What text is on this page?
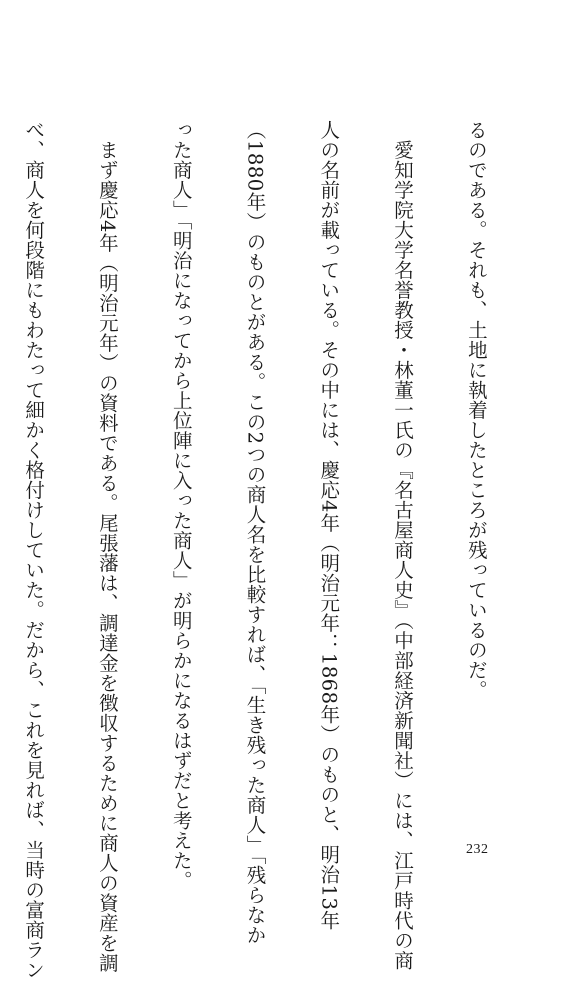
るのである。それも、土地に執着したところが残っているのだ。

　愛知学院大学名誉教授・林董一氏の『名古屋商人史』（中部経済新聞社）には、江戸時代の商

人の名前が載っている。その中には、慶応4年（明治元年：1868年）のものと、明治13年

（1880年）のものとがある。この2つの商人名を比較すれば、「生き残った商人」「残らなか

った商人」「明治になってから上位陣に入った商人」が明らかになるはずだと考えた。

　まず慶応4年（明治元年）の資料である。尾張藩は、調達金を徴収するために商人の資産を調

べ、商人を何段階にもわたって細かく格付けしていた。だから、これを見れば、当時の富商ラン

	232
